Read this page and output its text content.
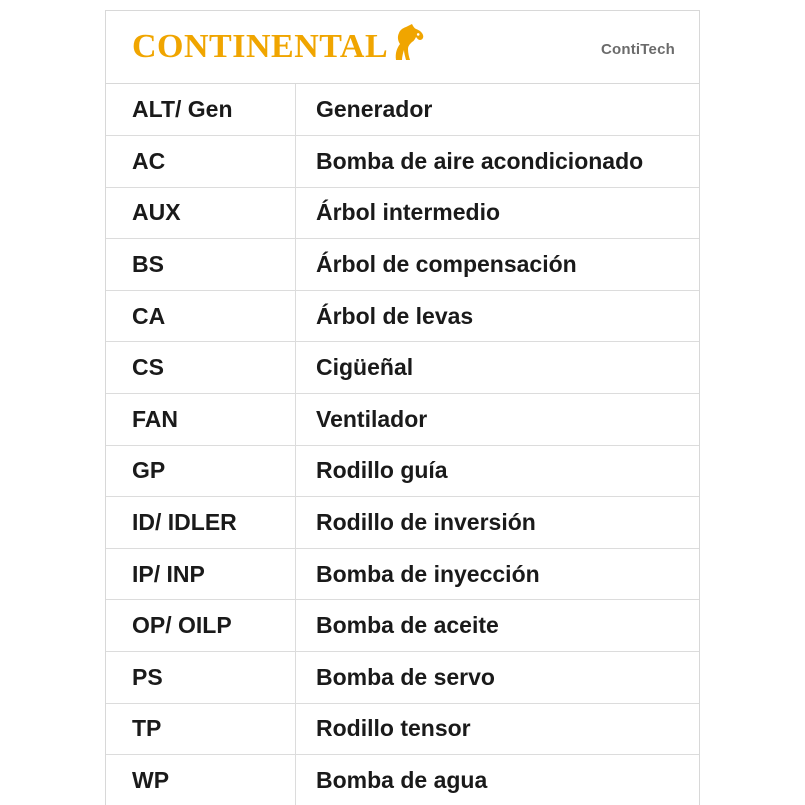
CONTINENTAL	ContiTech
ALT/ Gen	Generador
AC	Bomba de aire acondicionado
AUX	Árbol intermedio
BS	Árbol de compensación
CA	Árbol de levas
CS	Cigüeñal
FAN	Ventilador
GP	Rodillo guía
ID/ IDLER	Rodillo de inversión
IP/ INP	Bomba de inyección
OP/ OILP	Bomba de aceite
PS	Bomba de servo
TP	Rodillo tensor
WP	Bomba de agua
